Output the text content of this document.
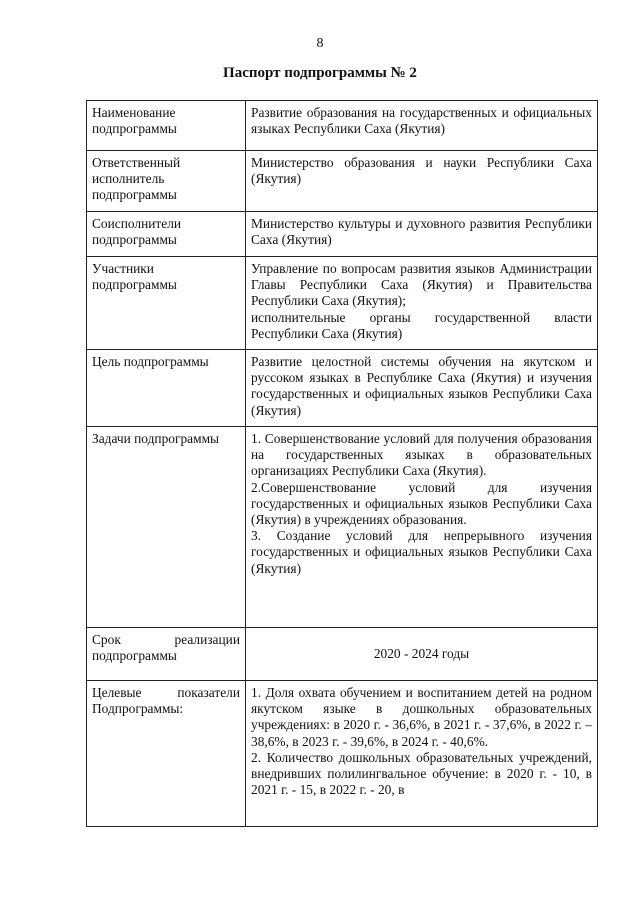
8
Паспорт подпрограммы № 2
Наименование подпрограммы	Развитие образования на государственных и официальных языках Республики Саха (Якутия)

Ответственный исполнитель подпрограммы	Министерство образования и науки Республики Саха (Якутия)

Соисполнители подпрограммы	Министерство культуры и духовного развития Республики Саха (Якутия)

Участники подпрограммы	Управление по вопросам развития языков Администрации Главы Республики Саха (Якутия) и Правительства Республики Саха (Якутия);
исполнительные органы государственной власти Республики Саха (Якутия)

Цель подпрограммы	Развитие целостной системы обучения на якутском и руссоком языках в Республике Саха (Якутия) и изучения государственных и официальных языков Республики Саха (Якутия)

Задачи подпрограммы	1. Совершенствование условий для получения образования на государственных языках в образовательных организациях Республики Саха (Якутия).
2.Совершенствование условий для изучения государственных и официальных языков Республики Саха (Якутия) в учреждениях образования.
3. Создание условий для непрерывного изучения государственных и официальных языков Республики Саха (Якутия)

Срок реализации подпрограммы	2020 - 2024 годы

Целевые показатели Подпрограммы:	1. Доля охвата обучением и воспитанием детей на родном якутском языке в дошкольных образовательных учреждениях: в 2020 г. - 36,6%, в 2021 г. - 37,6%, в 2022 г. – 38,6%, в 2023 г. - 39,6%, в 2024 г. - 40,6%.
2. Количество дошкольных образовательных учреждений, внедривших полилингвальное обучение: в 2020 г. - 10, в 2021 г. - 15, в 2022 г. - 20, в
